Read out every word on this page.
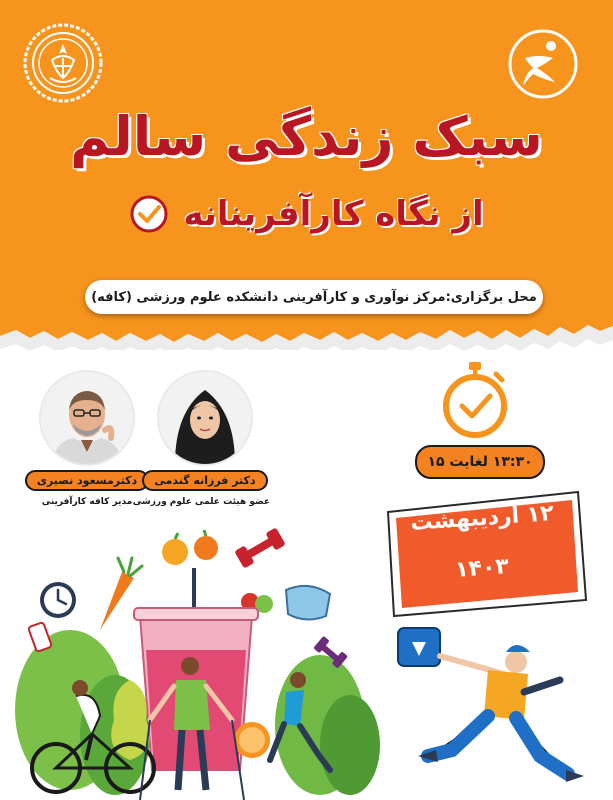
سبک زندگی سالم
از نگاه کارآفرینانه
محل برگزاری:مرکز نوآوری و کارآفرینی دانشکده علوم ورزشی (کافه)
دکترمسعود نصیری
مدیر کافه کارآفرینی
دکتر فرزانه گندمی
عضو هیئت علمی علوم ورزشی
۱۳:۳۰ لغایت ۱۵
۱۲ اردیبهشت
۱۴۰۳
